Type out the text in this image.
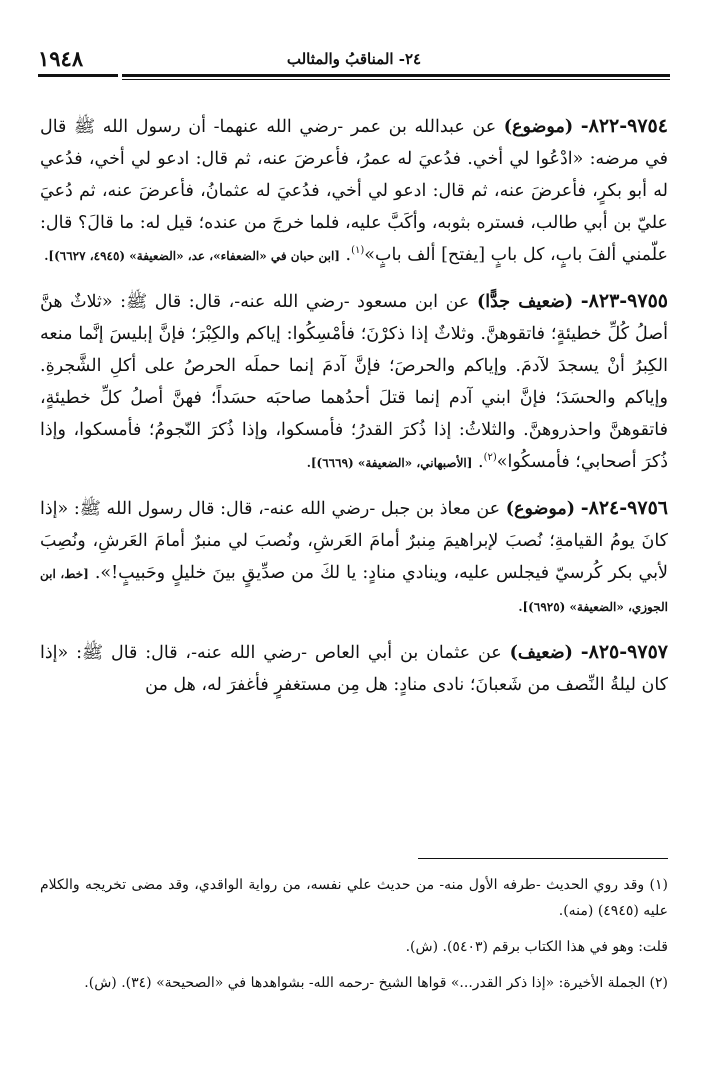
١٩٤٨	٢٤- المناقبُ والمثالب

٩٧٥٤-٨٢٢- (موضوع) عن عبدالله بن عمر -رضي الله عنهما- أن رسول الله ﷺ قال في مرضه: «ادْعُوا لي أخي. فدُعيَ له عمرُ، فأعرضَ عنه، ثم قال: ادعو لي أخي، فدُعي له أبو بكرٍ، فأعرضَ عنه، ثم قال: ادعو لي أخي، فدُعيَ له عثمانُ، فأعرضَ عنه، ثم دُعيَ عليّ بن أبي طالب، فستره بثوبه، وأكَبَّ عليه، فلما خرجَ من عنده؛ قيل له: ما قالَ؟ قال: علّمني ألفَ بابٍ، كل بابٍ [يفتح] ألف بابٍ»$^{(١)}$. [ابن حبان في «الضعفاء»، عد، «الضعيفة» (٤٩٤٥، ٦٦٢٧)].

٩٧٥٥-٨٢٣- (ضعيف جدًّا) عن ابن مسعود -رضي الله عنه-، قال: قال ﷺ: «ثلاثٌ هنَّ أصلُ كُلِّ خطيئةٍ؛ فاتقوهنَّ. وثلاثٌ إذا ذكرْنَ؛ فأمْسِكُوا: إياكم والكِبْرَ؛ فإنَّ إبليسَ إنَّما منعه الكِبرُ أنْ يسجدَ لآدمَ. وإياكم والحرصَ؛ فإنَّ آدمَ إنما حملَه الحرصُ على أكلِ الشَّجرةِ. وإياكم والحسَدَ؛ فإنَّ ابني آدم إنما قتلَ أحدُهما صاحبَه حسَداً؛ فهنَّ أصلُ كلِّ خطيئةٍ، فاتقوهنَّ واحذروهنَّ. والثلاثُ: إذا ذُكرَ القدرُ؛ فأمسكوا، وإذا ذُكرَ النّجومُ؛ فأمسكوا، وإذا ذُكرَ أصحابي؛ فأمسكُوا»$^{(٢)}$. [الأصبهاني، «الضعيفة» (٦٦٦٩)].

٩٧٥٦-٨٢٤- (موضوع) عن معاذ بن جبل -رضي الله عنه-، قال: قال رسول الله ﷺ: «إذا كانَ يومُ القيامةِ؛ نُصبَ لإبراهيمَ مِنبرٌ أمامَ العَرشِ، ونُصبَ لي منبرٌ أمامَ العَرشِ، ونُصِبَ لأبي بكر كُرسيّ فيجلس عليه، وينادي منادٍ: يا لكَ من صدِّيقٍ بينَ خليلٍ وحَبيبٍ!». [خط، ابن الجوزي، «الضعيفة» (٦٩٢٥)].

٩٧٥٧-٨٢٥- (ضعيف) عن عثمان بن أبي العاص -رضي الله عنه-، قال: قال ﷺ: «إذا كان ليلةُ النِّصف من شَعبانَ؛ نادى منادٍ: هل مِن مستغفرٍ فأغفرَ له، هل من

(١) وقد روي الحديث -طرفه الأول منه- من حديث علي نفسه، من رواية الواقدي، وقد مضى تخريجه والكلام عليه (٤٩٤٥) (منه).

قلت: وهو في هذا الكتاب برقم (٥٤٠٣). (ش).

(٢) الجملة الأخيرة: «إذا ذكر القدر...» قواها الشيخ -رحمه الله- بشواهدها في «الصحيحة» (٣٤). (ش).
